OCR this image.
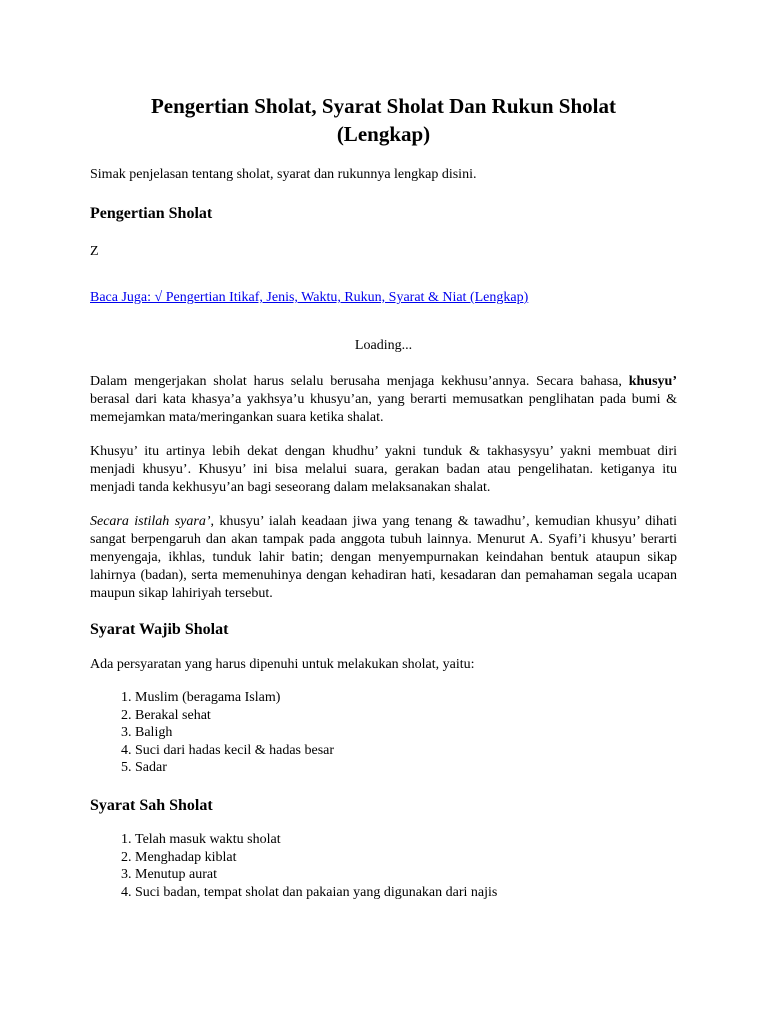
Pengertian Sholat, Syarat Sholat Dan Rukun Sholat
(Lengkap)

Simak penjelasan tentang sholat, syarat dan rukunnya lengkap disini.

Pengertian Sholat

Z

Baca Juga: √ Pengertian Itikaf, Jenis, Waktu, Rukun, Syarat & Niat (Lengkap)

Loading...

Dalam mengerjakan sholat harus selalu berusaha menjaga kekhusu’annya. Secara bahasa, khusyu’ berasal dari kata khasya’a yakhsya’u khusyu’an, yang berarti memusatkan penglihatan pada bumi & memejamkan mata/meringankan suara ketika shalat.

Khusyu’ itu artinya lebih dekat dengan khudhu’ yakni tunduk & takhasysyu’ yakni membuat diri menjadi khusyu’. Khusyu’ ini bisa melalui suara, gerakan badan atau pengelihatan. ketiganya itu menjadi tanda kekhusyu’an bagi seseorang dalam melaksanakan shalat.

Secara istilah syara’, khusyu’ ialah keadaan jiwa yang tenang & tawadhu’, kemudian khusyu’ dihati sangat berpengaruh dan akan tampak pada anggota tubuh lainnya. Menurut A. Syafi’i khusyu’ berarti menyengaja, ikhlas, tunduk lahir batin; dengan menyempurnakan keindahan bentuk ataupun sikap lahirnya (badan), serta memenuhinya dengan kehadiran hati, kesadaran dan pemahaman segala ucapan maupun sikap lahiriyah tersebut.

Syarat Wajib Sholat

Ada persyaratan yang harus dipenuhi untuk melakukan sholat, yaitu:

1. Muslim (beragama Islam)
2. Berakal sehat
3. Baligh
4. Suci dari hadas kecil & hadas besar
5. Sadar
Syarat Sah Sholat
1. Telah masuk waktu sholat
2. Menghadap kiblat
3. Menutup aurat
4. Suci badan, tempat sholat dan pakaian yang digunakan dari najis
